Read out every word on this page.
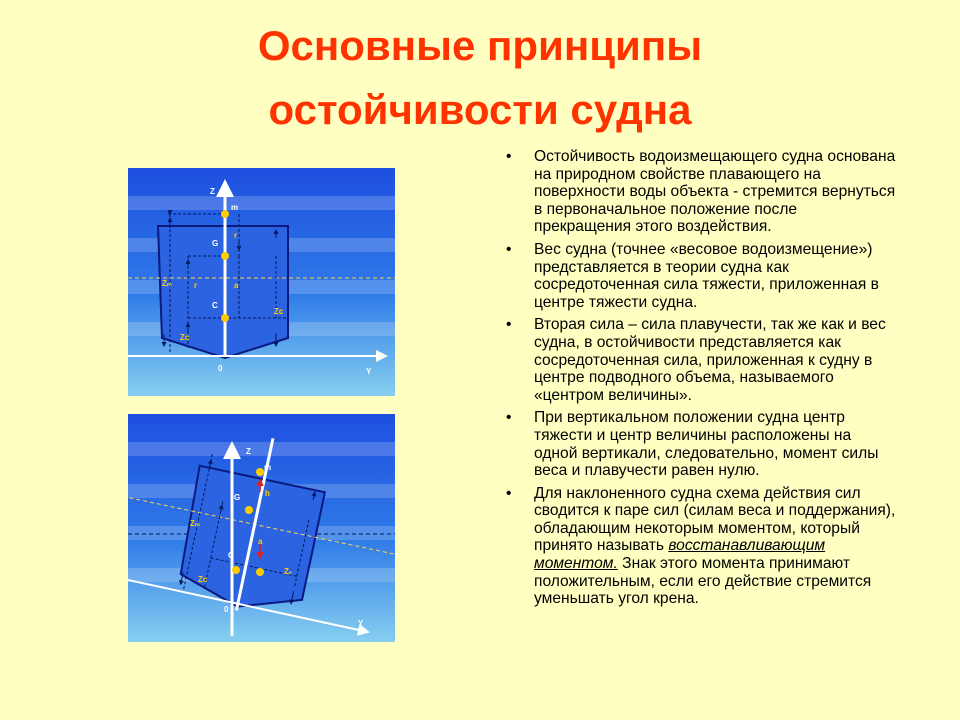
Основные принципы
остойчивости судна
Z
Y
0
m
G
C
r
a
r
Zₘ
Zc
Zc
Z
Y
0
m
G
C
h
a
Zₘ
Zc
Zₑ
• Остойчивость водоизмещающего судна основана на природном свойстве плавающего на поверхности воды объекта - стремится вернуться в первоначальное положение после прекращения этого воздействия.
• Вес судна (точнее «весовое водоизмещение») представляется в теории судна как сосредоточенная сила тяжести, приложенная в центре тяжести судна.
• Вторая сила – сила плавучести, так же как и вес судна, в остойчивости представляется как сосредоточенная сила, приложенная к судну в центре подводного объема, называемого «центром величины».
• При вертикальном положении судна центр тяжести и центр величины расположены на одной вертикали, следовательно, момент силы веса и плавучести равен нулю.
• Для наклоненного судна схема действия сил сводится к паре сил (силам веса и поддержания), обладающим некоторым моментом, который принято называть восстанавливающим моментом. Знак этого момента принимают положительным, если его действие стремится уменьшать угол крена.
